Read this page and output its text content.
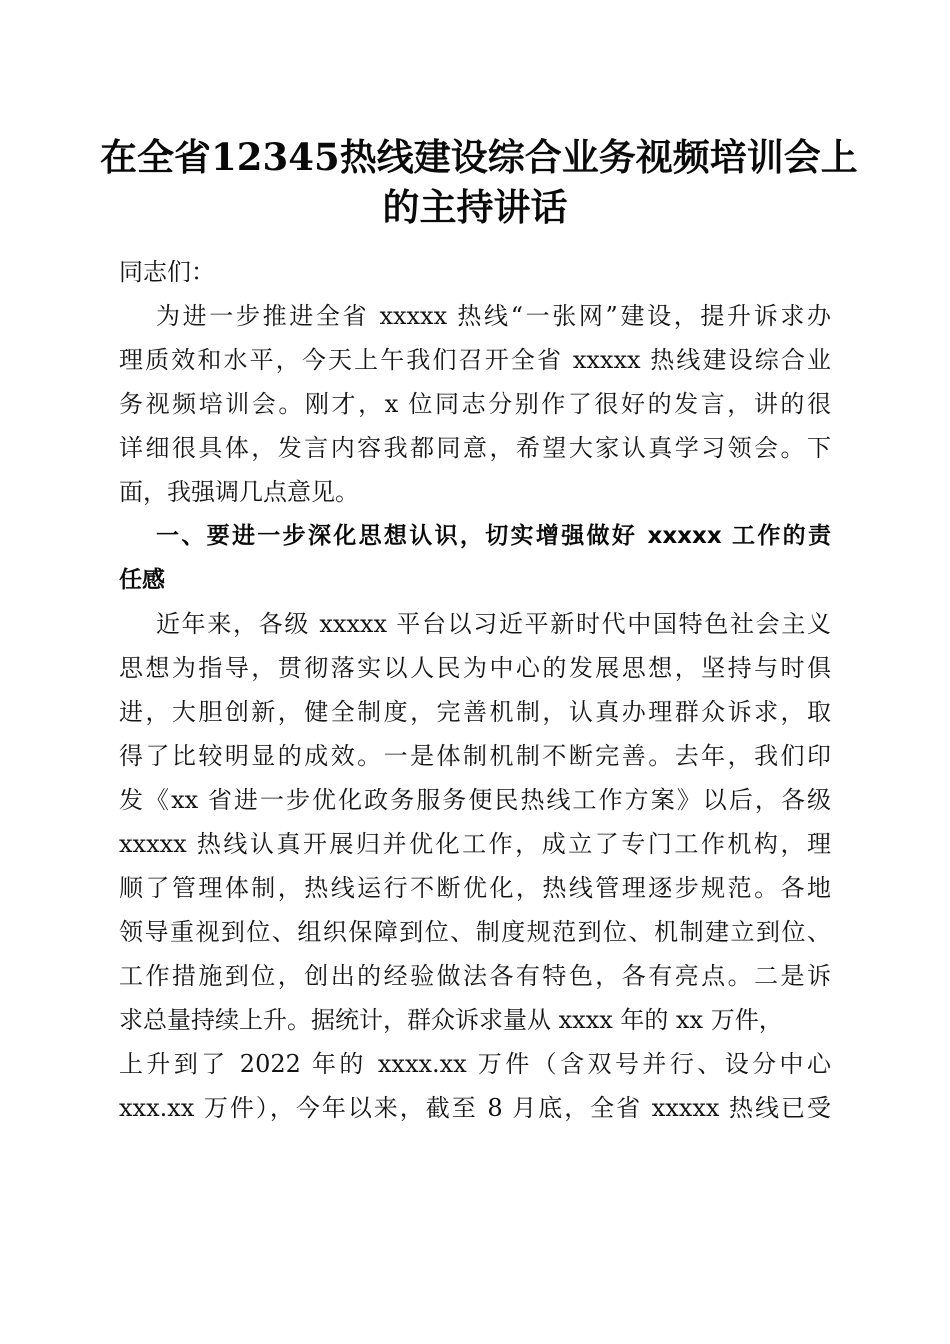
在全省12345热线建设综合业务视频培训会上
的主持讲话
同志们：
为进一步推进全省 xxxxx 热线“一张网”建设，提升诉求办
理质效和水平，今天上午我们召开全省 xxxxx 热线建设综合业
务视频培训会。刚才，x 位同志分别作了很好的发言，讲的很
详细很具体，发言内容我都同意，希望大家认真学习领会。下
面，我强调几点意见。
一、要进一步深化思想认识，切实增强做好 xxxxx 工作的责
任感
近年来，各级 xxxxx 平台以习近平新时代中国特色社会主义
思想为指导，贯彻落实以人民为中心的发展思想，坚持与时俱
进，大胆创新，健全制度，完善机制，认真办理群众诉求，取
得了比较明显的成效。一是体制机制不断完善。去年，我们印
发《xx 省进一步优化政务服务便民热线工作方案》以后，各级
xxxxx 热线认真开展归并优化工作，成立了专门工作机构，理
顺了管理体制，热线运行不断优化，热线管理逐步规范。各地
领导重视到位、组织保障到位、制度规范到位、机制建立到位、
工作措施到位，创出的经验做法各有特色，各有亮点。二是诉
求总量持续上升。据统计，群众诉求量从 xxxx 年的 xx 万件，
上升到了 2022 年的 xxxx.xx 万件（含双号并行、设分中心
xxx.xx 万件），今年以来，截至 8 月底，全省 xxxxx 热线已受
